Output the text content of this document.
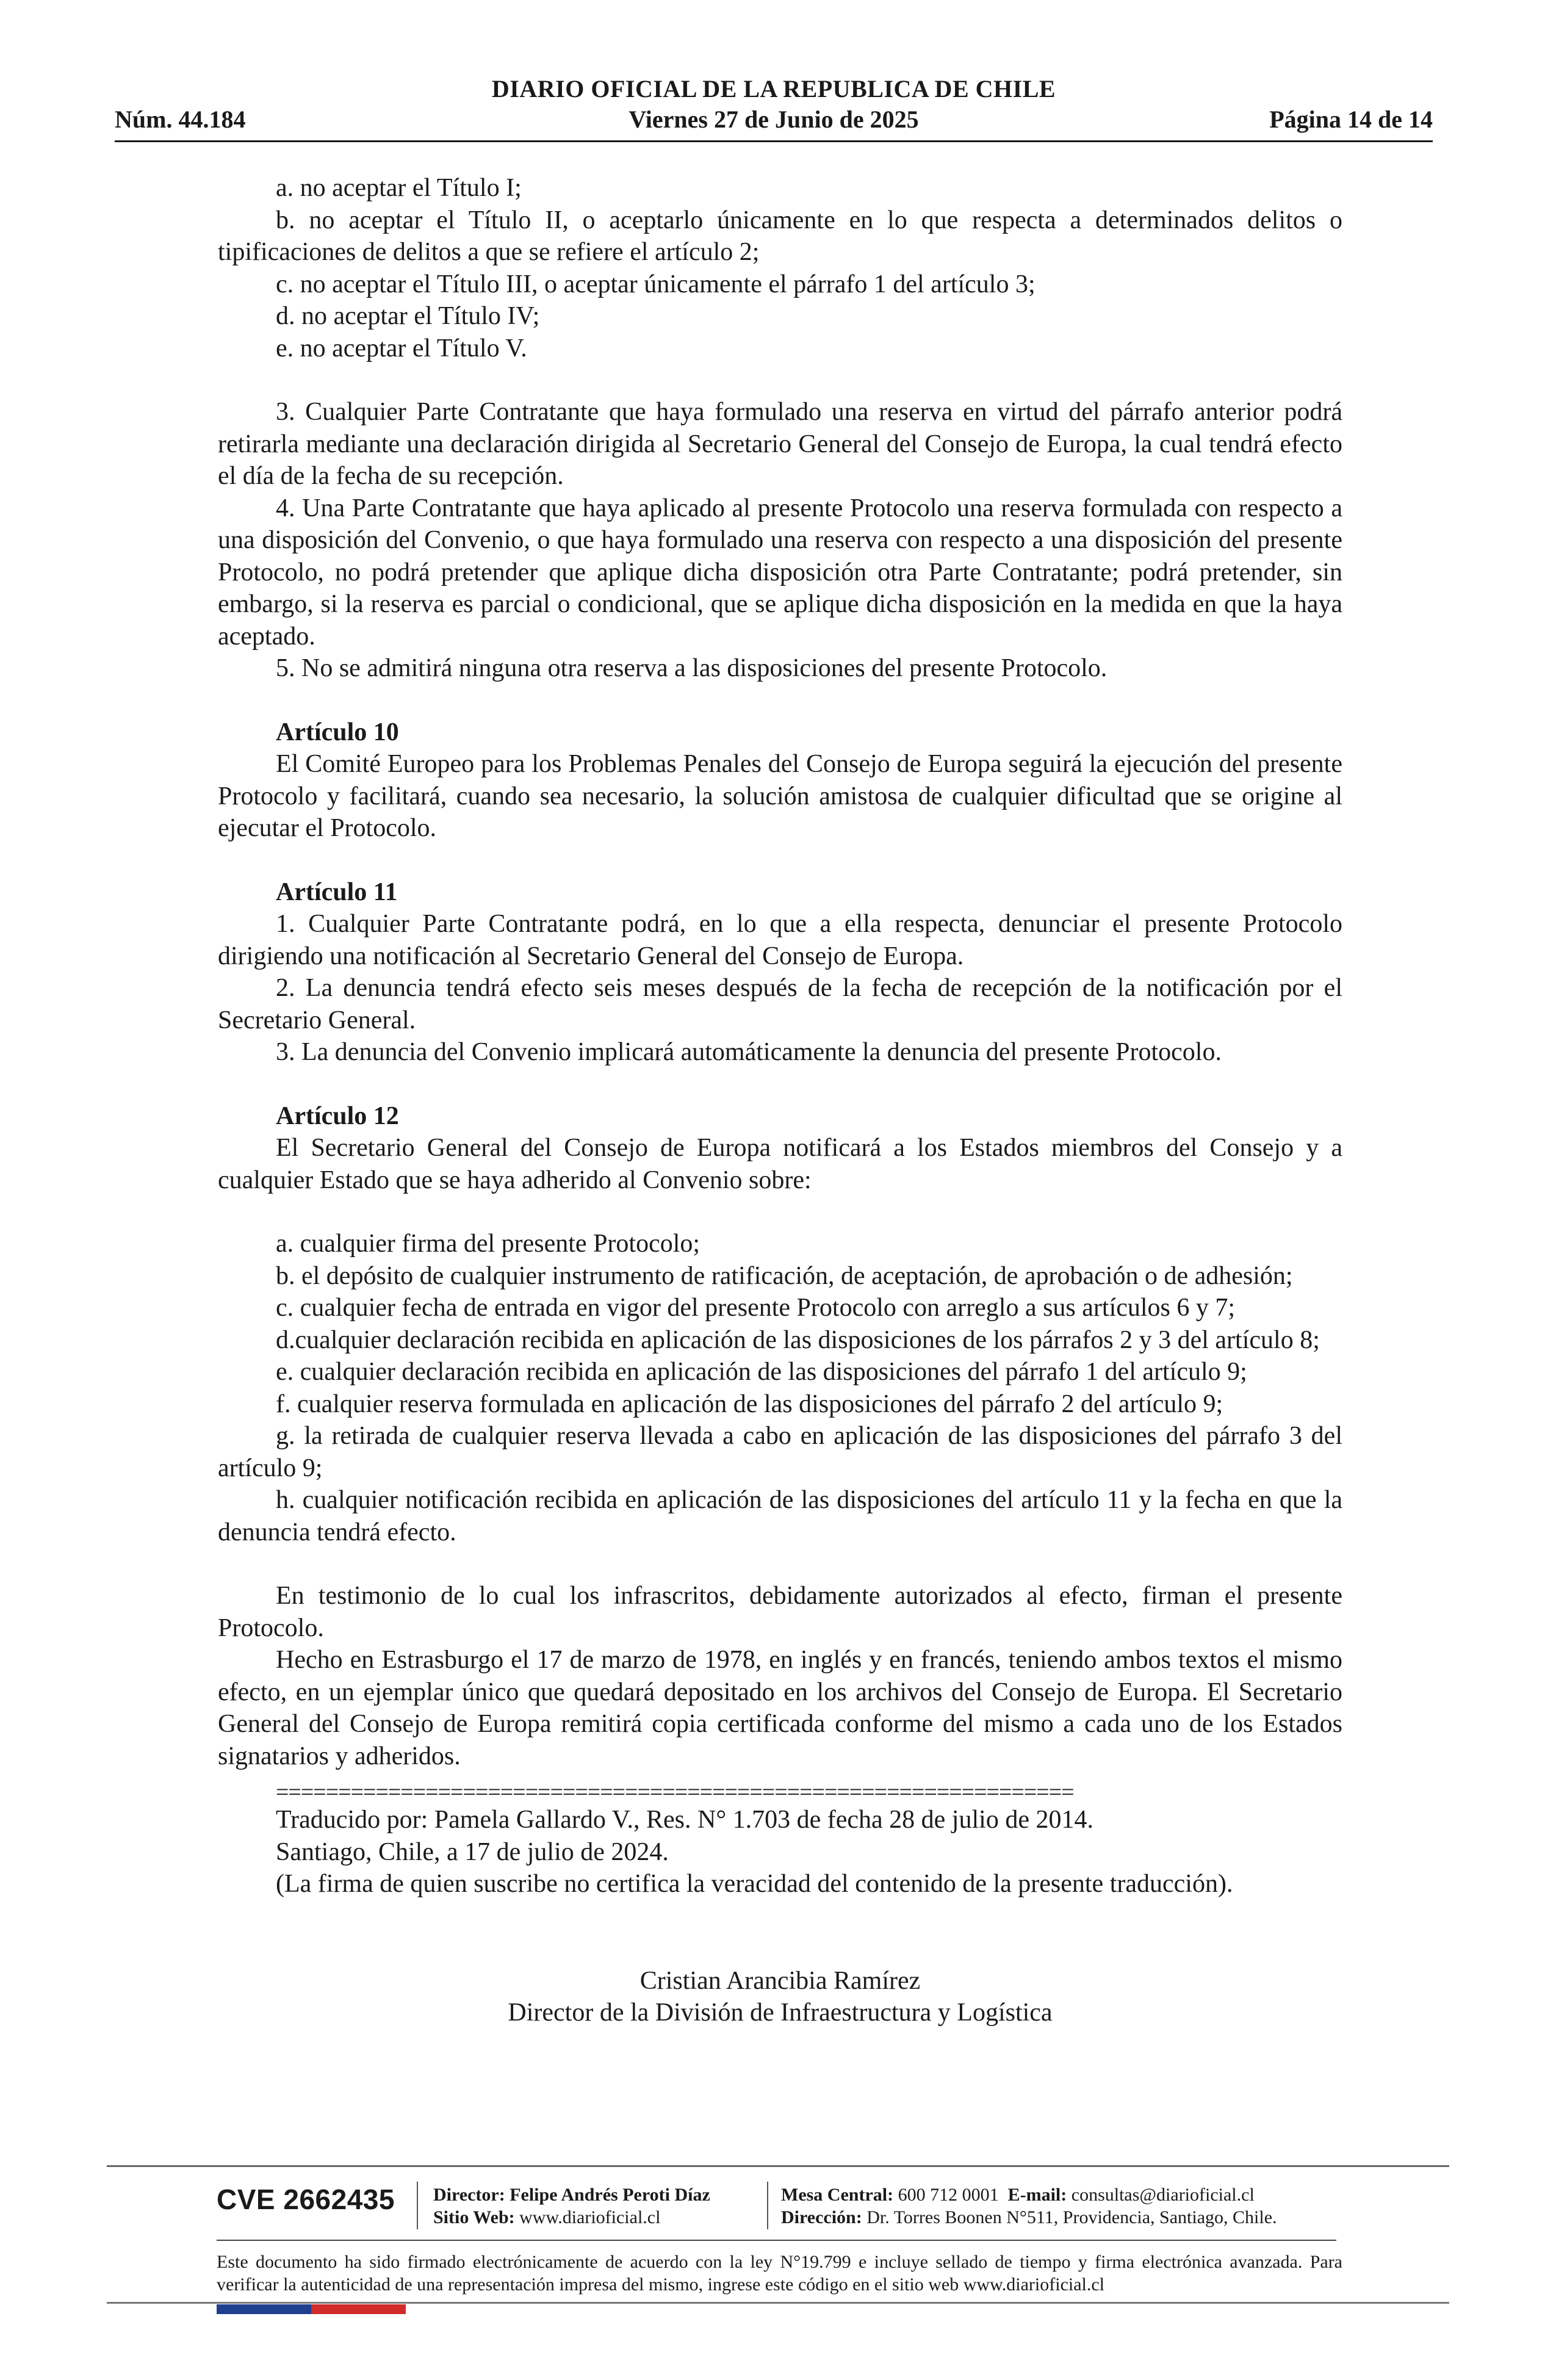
DIARIO OFICIAL DE LA REPUBLICA DE CHILE
Núm. 44.184	Viernes 27 de Junio de 2025	Página 14 de 14

a. no aceptar el Título I;

b. no aceptar el Título II, o aceptarlo únicamente en lo que respecta a determinados delitos o tipificaciones de delitos a que se refiere el artículo 2;

c. no aceptar el Título III, o aceptar únicamente el párrafo 1 del artículo 3;

d. no aceptar el Título IV;

e. no aceptar el Título V.

3. Cualquier Parte Contratante que haya formulado una reserva en virtud del párrafo anterior podrá retirarla mediante una declaración dirigida al Secretario General del Consejo de Europa, la cual tendrá efecto el día de la fecha de su recepción.

4. Una Parte Contratante que haya aplicado al presente Protocolo una reserva formulada con respecto a una disposición del Convenio, o que haya formulado una reserva con respecto a una disposición del presente Protocolo, no podrá pretender que aplique dicha disposición otra Parte Contratante; podrá pretender, sin embargo, si la reserva es parcial o condicional, que se aplique dicha disposición en la medida en que la haya aceptado.

5. No se admitirá ninguna otra reserva a las disposiciones del presente Protocolo.

Artículo 10

El Comité Europeo para los Problemas Penales del Consejo de Europa seguirá la ejecución del presente Protocolo y facilitará, cuando sea necesario, la solución amistosa de cualquier dificultad que se origine al ejecutar el Protocolo.

Artículo 11

1. Cualquier Parte Contratante podrá, en lo que a ella respecta, denunciar el presente Protocolo dirigiendo una notificación al Secretario General del Consejo de Europa.

2. La denuncia tendrá efecto seis meses después de la fecha de recepción de la notificación por el Secretario General.

3. La denuncia del Convenio implicará automáticamente la denuncia del presente Protocolo.

Artículo 12

El Secretario General del Consejo de Europa notificará a los Estados miembros del Consejo y a cualquier Estado que se haya adherido al Convenio sobre:

a. cualquier firma del presente Protocolo;

b. el depósito de cualquier instrumento de ratificación, de aceptación, de aprobación o de adhesión;

c. cualquier fecha de entrada en vigor del presente Protocolo con arreglo a sus artículos 6 y 7;

d.cualquier declaración recibida en aplicación de las disposiciones de los párrafos 2 y 3 del artículo 8;

e. cualquier declaración recibida en aplicación de las disposiciones del párrafo 1 del artículo 9;

f. cualquier reserva formulada en aplicación de las disposiciones del párrafo 2 del artículo 9;

g. la retirada de cualquier reserva llevada a cabo en aplicación de las disposiciones del párrafo 3 del artículo 9;

h. cualquier notificación recibida en aplicación de las disposiciones del artículo 11 y la fecha en que la denuncia tendrá efecto.

En testimonio de lo cual los infrascritos, debidamente autorizados al efecto, firman el presente Protocolo.

Hecho en Estrasburgo el 17 de marzo de 1978, en inglés y en francés, teniendo ambos textos el mismo efecto, en un ejemplar único que quedará depositado en los archivos del Consejo de Europa. El Secretario General del Consejo de Europa remitirá copia certificada conforme del mismo a cada uno de los Estados signatarios y adheridos.

================================================================

Traducido por: Pamela Gallardo V., Res. N° 1.703 de fecha 28 de julio de 2014.

Santiago, Chile, a 17 de julio de 2024.

(La firma de quien suscribe no certifica la veracidad del contenido de la presente traducción).

Cristian Arancibia Ramírez

Director de la División de Infraestructura y Logística

CVE 2662435 Director: Felipe Andrés Peroti Díaz
Sitio Web: www.diarioficial.cl
Mesa Central: 600 712 0001 E-mail: consultas@diarioficial.cl
Dirección: Dr. Torres Boonen N°511, Providencia, Santiago, Chile.
Este documento ha sido firmado electrónicamente de acuerdo con la ley N°19.799 e incluye sellado de tiempo y firma electrónica avanzada. Para verificar la autenticidad de una representación impresa del mismo, ingrese este código en el sitio web www.diarioficial.cl
